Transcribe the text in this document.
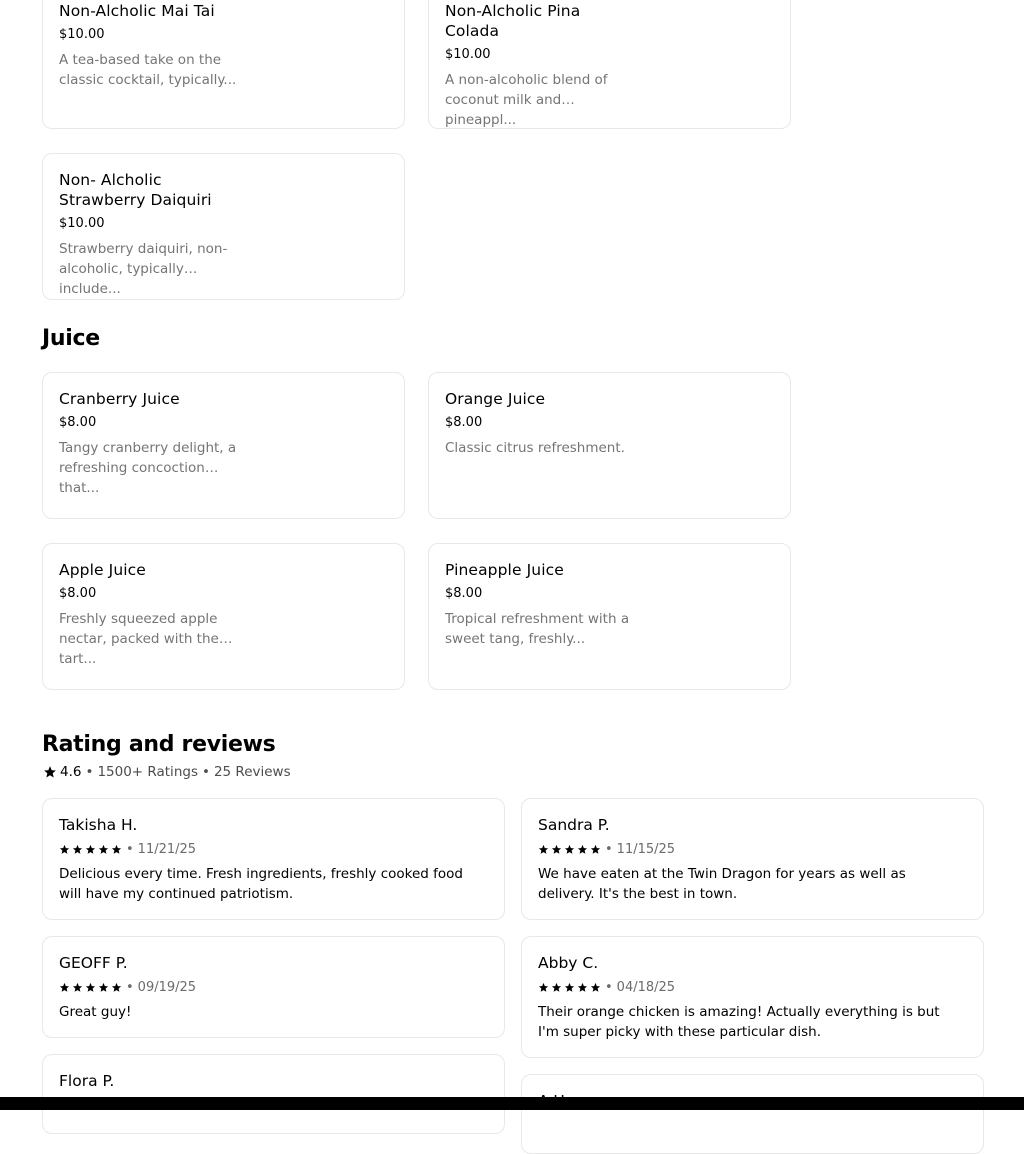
Non-Alcholic Mai Tai
$10.00
A tea-based take on the classic cocktail, typically...
Non-Alcholic Pina Colada
$10.00
A non-alcoholic blend of coconut milk and pineappl...
Non- Alcholic Strawberry Daiquiri
$10.00
Strawberry daiquiri, non-alcoholic, typically include...
Juice
Cranberry Juice
$8.00
Tangy cranberry delight, a refreshing concoction that...
Orange Juice
$8.00
Classic citrus refreshment.
Apple Juice
$8.00
Freshly squeezed apple nectar, packed with the tart...
Pineapple Juice
$8.00
Tropical refreshment with a sweet tang, freshly...
Rating and reviews
4.6 • 1500+ Ratings • 25 Reviews
Takisha H.
• 11/21/25
Delicious every time. Fresh ingredients, freshly cooked food will have my continued patriotism.
Sandra P.
• 11/15/25
We have eaten at the Twin Dragon for years as well as delivery. It's the best in town.
GEOFF P.
• 09/19/25
Great guy!
Abby C.
• 04/18/25
Their orange chicken is amazing! Actually everything is but I'm super picky with these particular dish.
Flora P.
